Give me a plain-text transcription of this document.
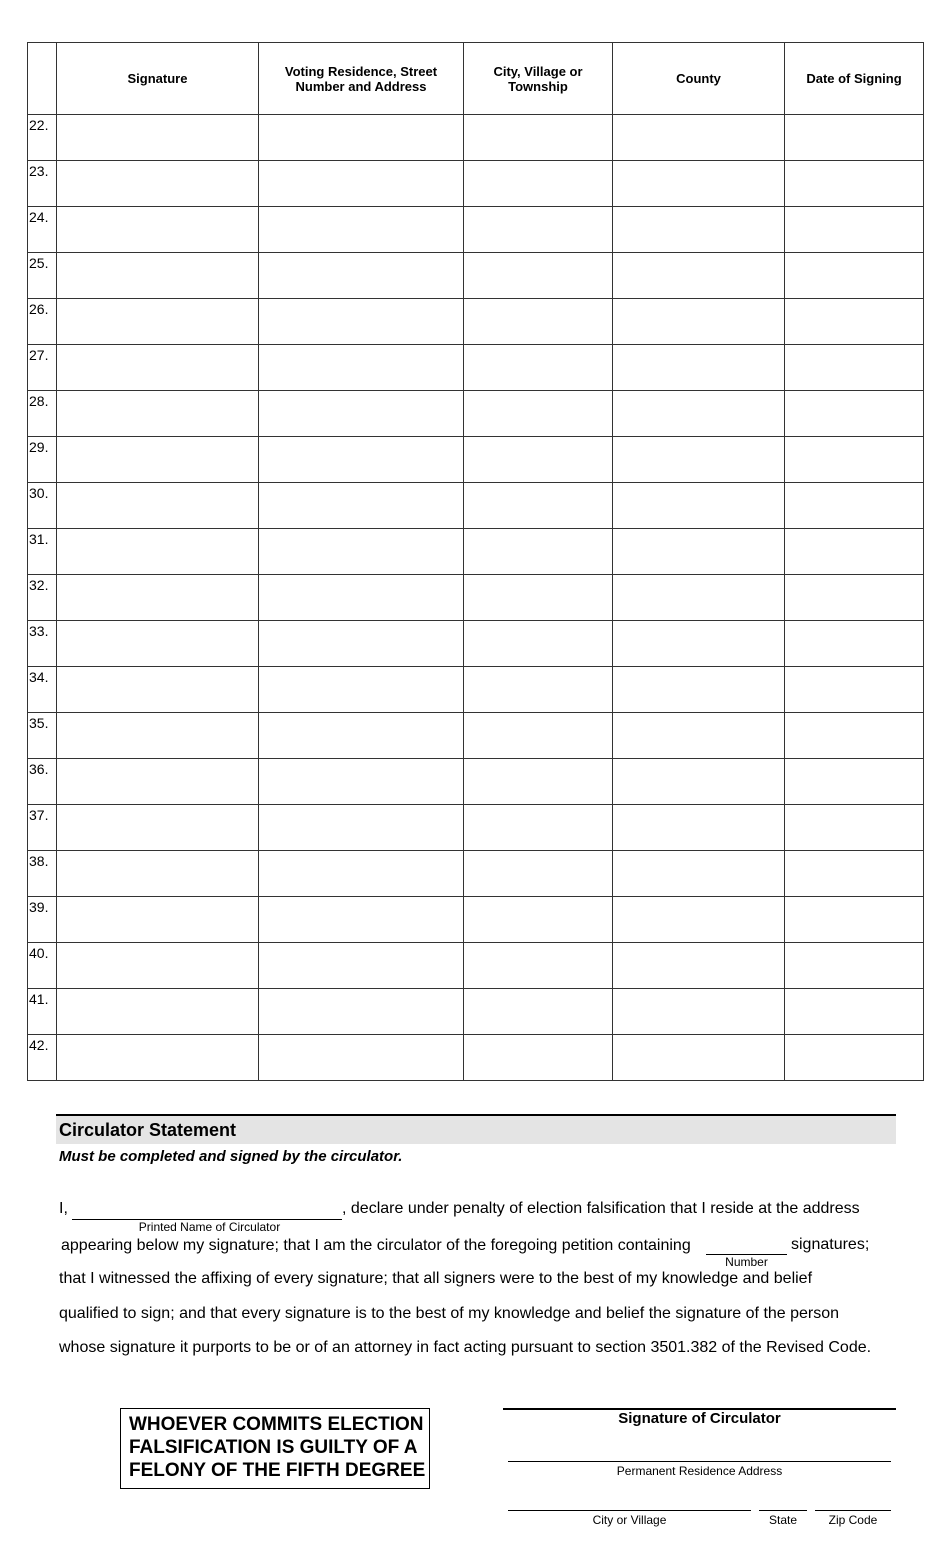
	Signature	Voting Residence, Street Number and Address	City, Village or Township	County	Date of Signing
22.					
23.					
24.					
25.					
26.					
27.					
28.					
29.					
30.					
31.					
32.					
33.					
34.					
35.					
36.					
37.					
38.					
39.					
40.					
41.					
42.					
Circulator Statement
Must be completed and signed by the circulator.
I,	, declare under penalty of election falsification that I reside at the address
Printed Name of Circulator
appearing below my signature; that I am the circulator of the foregoing petition containing	signatures;
Number
that I witnessed the affixing of every signature; that all signers were to the best of my knowledge and belief
qualified to sign; and that every signature is to the best of my knowledge and belief the signature of the person
whose signature it purports to be or of an attorney in fact acting pursuant to section 3501.382 of the Revised Code.
WHOEVER COMMITS ELECTION
FALSIFICATION IS GUILTY OF A
FELONY OF THE FIFTH DEGREE
Signature of Circulator
Permanent Residence Address
City or Village	State	Zip Code
